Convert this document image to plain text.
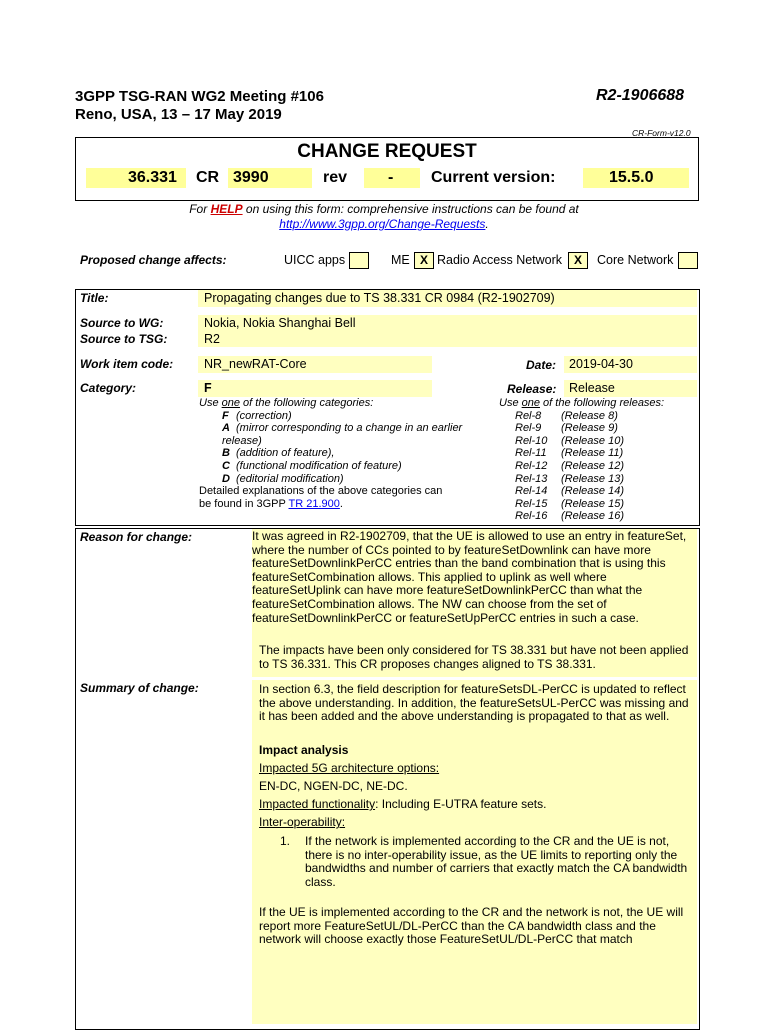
3GPP TSG-RAN WG2 Meeting #106
Reno, USA, 13 – 17 May 2019
R2-1906688
CR-Form-v12.0
CHANGE REQUEST
36.331 CR 3990	rev	- Current version:	15.5.0
For HELP on using this form: comprehensive instructions can be found at
http://www.3gpp.org/Change-Requests.
Proposed change affects:	UICC apps	ME X Radio Access Network X	Core Network
Title:	Propagating changes due to TS 38.331 CR 0984 (R2-1902709)
Source to WG:	Nokia, Nokia Shanghai Bell
Source to TSG:	R2
Work item code:	NR_newRAT-Core	Date:	2019-04-30
Category:	F	Release:	Release
Use one of the following categories:
F (correction)
A (mirror corresponding to a change in an earlier
release)
B (addition of feature),
C (functional modification of feature)
D (editorial modification)
Detailed explanations of the above categories can
be found in 3GPP TR 21.900.
Use one of the following releases:
Rel-8 (Release 8)
Rel-9 (Release 9)
Rel-10 (Release 10)
Rel-11 (Release 11)
Rel-12 (Release 12)
Rel-13 (Release 13)
Rel-14 (Release 14)
Rel-15 (Release 15)
Rel-16 (Release 16)
Reason for change:	It was agreed in R2-1902709, that the UE is allowed to use an entry in featureSet, where the number of CCs pointed to by featureSetDownlink can have more featureSetDownlinkPerCC entries than the band combination that is using this featureSetCombination allows. This applied to uplink as well where featureSetUplink can have more featureSetDownlinkPerCC than what the featureSetCombination allows. The NW can choose from the set of featureSetDownlinkPerCC or featureSetUpPerCC entries in such a case.
The impacts have been only considered for TS 38.331 but have not been applied to TS 36.331. This CR proposes changes aligned to TS 38.331.
Summary of change:	In section 6.3, the field description for featureSetsDL-PerCC is updated to reflect the above understanding. In addition, the featureSetsUL-PerCC was missing and it has been added and the above understanding is propagated to that as well.
Impact analysis
Impacted 5G architecture options:
EN-DC, NGEN-DC, NE-DC.
Impacted functionality: Including E-UTRA feature sets.
Inter-operability:
1. If the network is implemented according to the CR and the UE is not, there is no inter-operability issue, as the UE limits to reporting only the bandwidths and number of carriers that exactly match the CA bandwidth class.
If the UE is implemented according to the CR and the network is not, the UE will report more FeatureSetUL/DL-PerCC than the CA bandwidth class and the network will choose exactly those FeatureSetUL/DL-PerCC that match
